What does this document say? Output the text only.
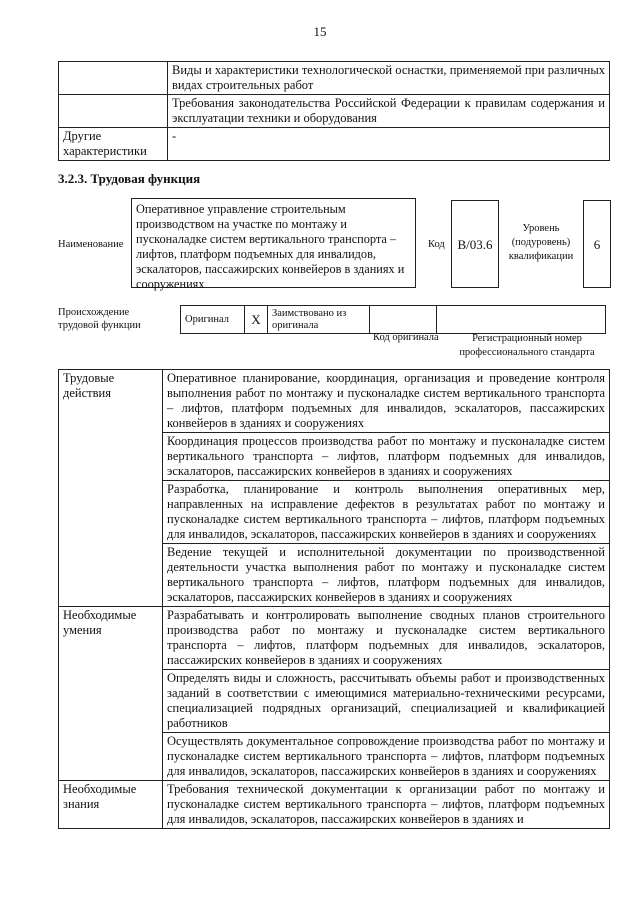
15
	Виды и характеристики технологической оснастки, применяемой при различных видах строительных работ
	Требования законодательства Российской Федерации к правилам содержания и эксплуатации техники и оборудования
Другие характеристики	-
3.2.3. Трудовая функция
Наименование
Оперативное управление строительным производством на участке по монтажу и пусконаладке систем вертикального транспорта – лифтов, платформ подъемных для инвалидов, эскалаторов, пассажирских конвейеров в зданиях и сооружениях
Код В/03.6
Уровень (подуровень) квалификации
6
Происхождение трудовой функции
Оригинал	X	Заимствовано из оригинала		
Код оригинала	Регистрационный номер профессионального стандарта
Трудовые действия	Оперативное планирование, координация, организация и проведение контроля выполнения работ по монтажу и пусконаладке систем вертикального транспорта – лифтов, платформ подъемных для инвалидов, эскалаторов, пассажирских конвейеров в зданиях и сооружениях
	Координация процессов производства работ по монтажу и пусконаладке систем вертикального транспорта – лифтов, платформ подъемных для инвалидов, эскалаторов, пассажирских конвейеров в зданиях и сооружениях
	Разработка, планирование и контроль выполнения оперативных мер, направленных на исправление дефектов в результатах работ по монтажу и пусконаладке систем вертикального транспорта – лифтов, платформ подъемных для инвалидов, эскалаторов, пассажирских конвейеров в зданиях и сооружениях
	Ведение текущей и исполнительной документации по производственной деятельности участка выполнения работ по монтажу и пусконаладке систем вертикального транспорта – лифтов, платформ подъемных для инвалидов, эскалаторов, пассажирских конвейеров в зданиях и сооружениях
Необходимые умения	Разрабатывать и контролировать выполнение сводных планов строительного производства работ по монтажу и пусконаладке систем вертикального транспорта – лифтов, платформ подъемных для инвалидов, эскалаторов, пассажирских конвейеров в зданиях и сооружениях
	Определять виды и сложность, рассчитывать объемы работ и производственных заданий в соответствии с имеющимися материально-техническими ресурсами, специализацией подрядных организаций, специализацией и квалификацией работников
	Осуществлять документальное сопровождение производства работ по монтажу и пусконаладке систем вертикального транспорта – лифтов, платформ подъемных для инвалидов, эскалаторов, пассажирских конвейеров в зданиях и сооружениях
Необходимые знания	Требования технической документации к организации работ по монтажу и пусконаладке систем вертикального транспорта – лифтов, платформ подъемных для инвалидов, эскалаторов, пассажирских конвейеров в зданиях и
